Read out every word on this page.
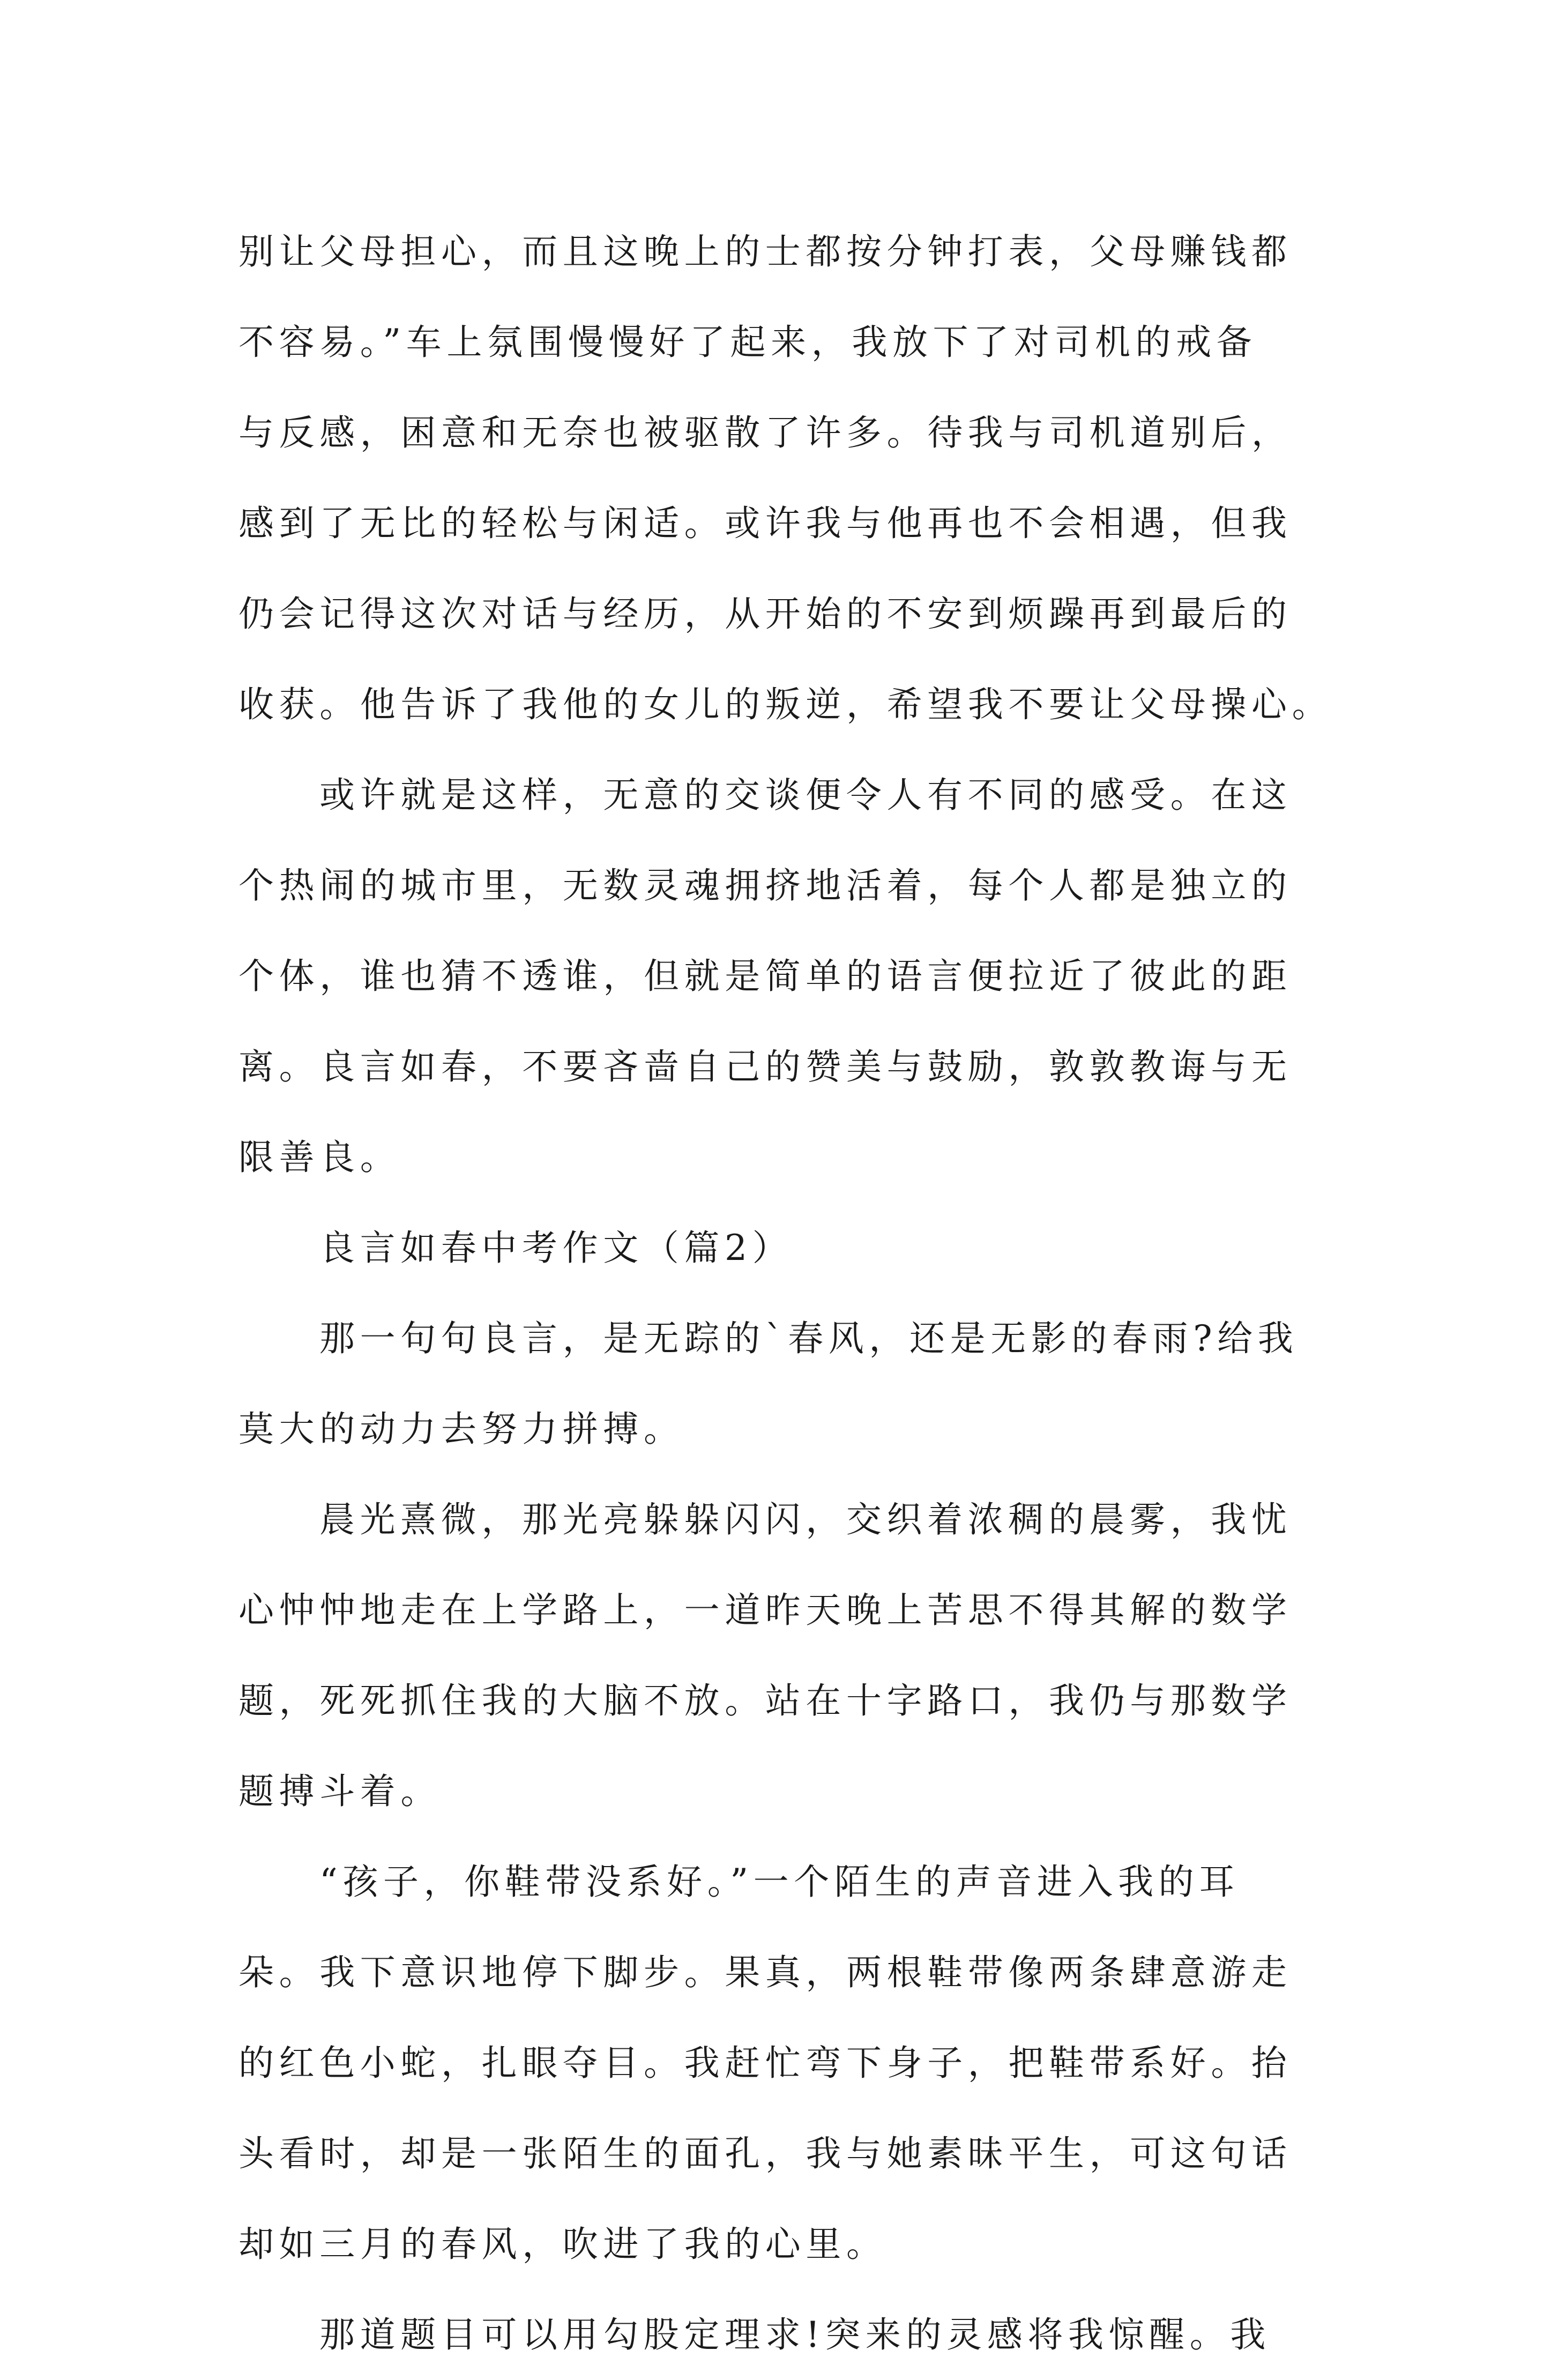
别让父母担心，而且这晚上的士都按分钟打表，父母赚钱都
不容易。”车上氛围慢慢好了起来，我放下了对司机的戒备
与反感，困意和无奈也被驱散了许多。待我与司机道别后，
感到了无比的轻松与闲适。或许我与他再也不会相遇，但我
仍会记得这次对话与经历，从开始的不安到烦躁再到最后的
收获。他告诉了我他的女儿的叛逆，希望我不要让父母操心。
或许就是这样，无意的交谈便令人有不同的感受。在这
个热闹的城市里，无数灵魂拥挤地活着，每个人都是独立的
个体，谁也猜不透谁，但就是简单的语言便拉近了彼此的距
离。良言如春，不要吝啬自己的赞美与鼓励，敦敦教诲与无
限善良。
良言如春中考作文（篇2）
那一句句良言，是无踪的`春风，还是无影的春雨?给我
莫大的动力去努力拼搏。
晨光熹微，那光亮躲躲闪闪，交织着浓稠的晨雾，我忧
心忡忡地走在上学路上，一道昨天晚上苦思不得其解的数学
题，死死抓住我的大脑不放。站在十字路口，我仍与那数学
题搏斗着。
“孩子，你鞋带没系好。”一个陌生的声音进入我的耳
朵。我下意识地停下脚步。果真，两根鞋带像两条肆意游走
的红色小蛇，扎眼夺目。我赶忙弯下身子，把鞋带系好。抬
头看时，却是一张陌生的面孔，我与她素昧平生，可这句话
却如三月的春风，吹进了我的心里。
那道题目可以用勾股定理求!突来的灵感将我惊醒。我
